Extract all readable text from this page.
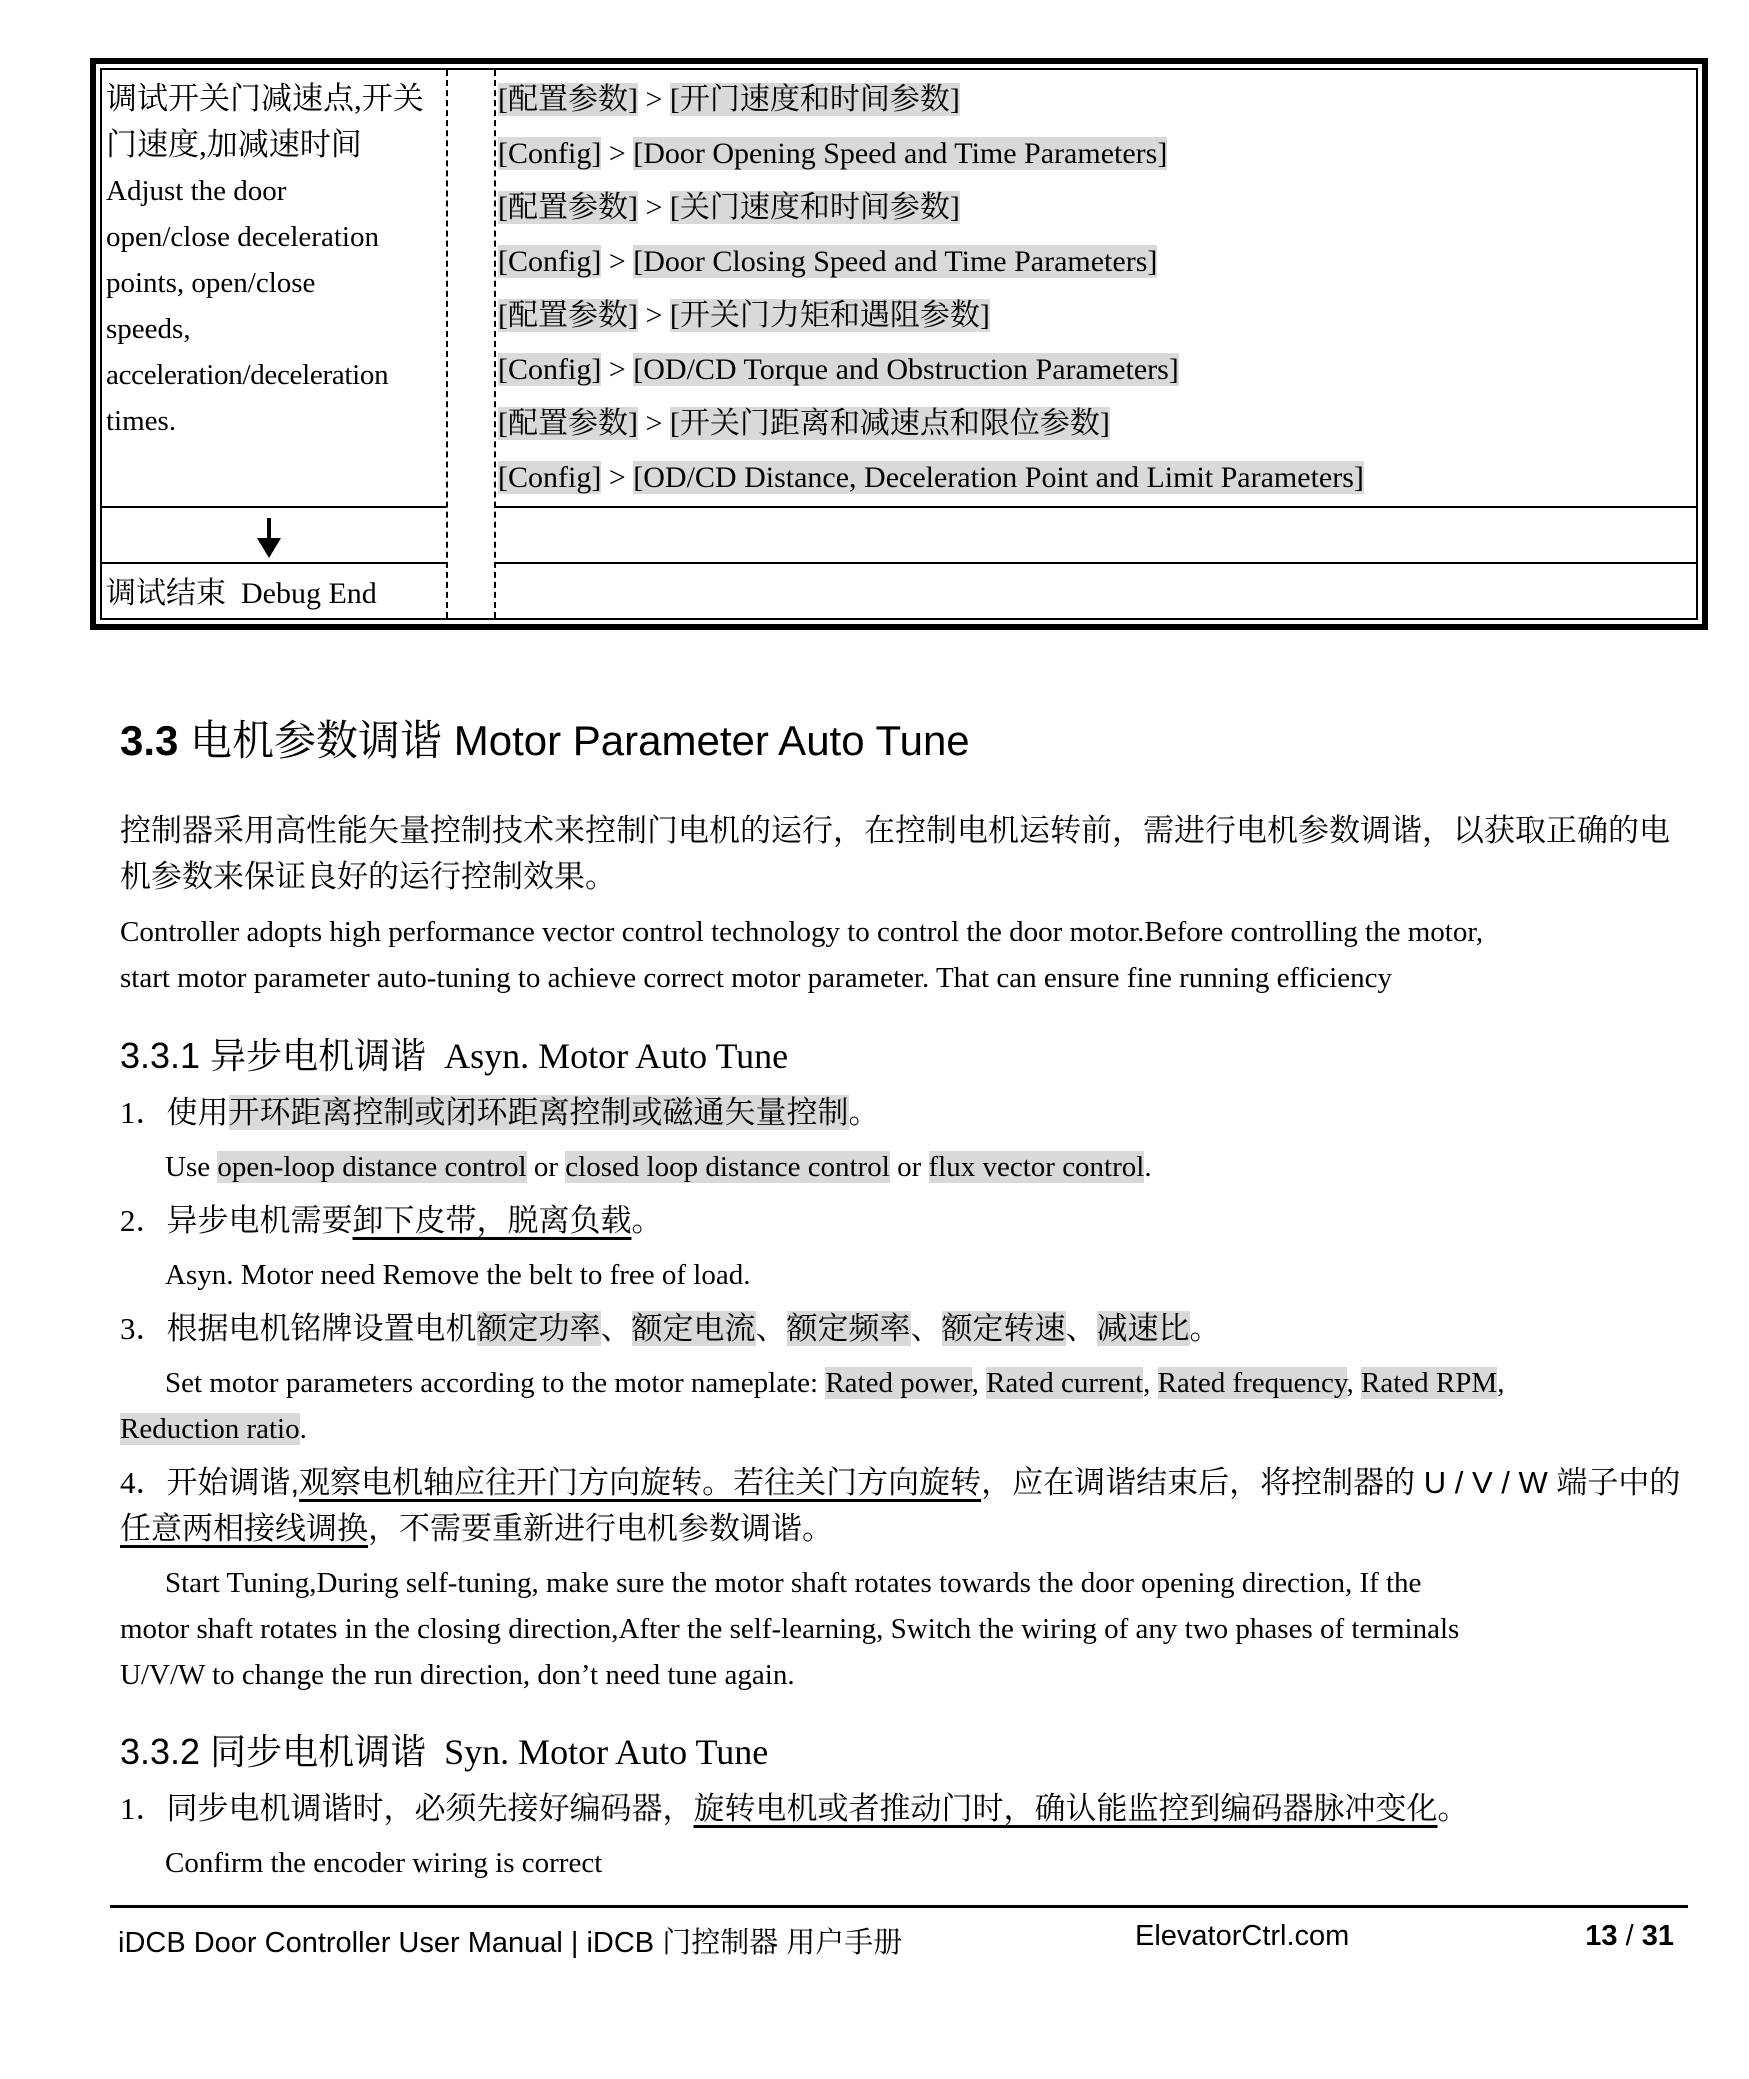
调试开关门减速点,开关
门速度,加减速时间
Adjust the door
open/close deceleration
points, open/close
speeds,
acceleration/deceleration
times.
[配置参数] > [开门速度和时间参数]
[Config] > [Door Opening Speed and Time Parameters]
[配置参数] > [关门速度和时间参数]
[Config] > [Door Closing Speed and Time Parameters]
[配置参数] > [开关门力矩和遇阻参数]
[Config] > [OD/CD Torque and Obstruction Parameters]
[配置参数] > [开关门距离和减速点和限位参数]
[Config] > [OD/CD Distance, Deceleration Point and Limit Parameters]
调试结束  Debug End
3.3 电机参数调谐 Motor Parameter Auto Tune
控制器采用高性能矢量控制技术来控制门电机的运行，在控制电机运转前，需进行电机参数调谐，以获取正确的电
机参数来保证良好的运行控制效果。
Controller adopts high performance vector control technology to control the door motor.Before controlling the motor,
start motor parameter auto-tuning to achieve correct motor parameter. That can ensure fine running efficiency
3.3.1 异步电机调谐 Asyn. Motor Auto Tune
1．使用开环距离控制或闭环距离控制或磁通矢量控制。
Use open-loop distance control or closed loop distance control or flux vector control.
2．异步电机需要卸下皮带，脱离负载。
Asyn. Motor need Remove the belt to free of load.
3．根据电机铭牌设置电机额定功率、额定电流、额定频率、额定转速、减速比。
Set motor parameters according to the motor nameplate: Rated power, Rated current, Rated frequency, Rated RPM,
Reduction ratio.
4．开始调谐,观察电机轴应往开门方向旋转。若往关门方向旋转，应在调谐结束后，将控制器的 U / V / W 端子中的
任意两相接线调换，不需要重新进行电机参数调谐。
Start Tuning,During self-tuning, make sure the motor shaft rotates towards the door opening direction, If the
motor shaft rotates in the closing direction,After the self-learning, Switch the wiring of any two phases of terminals
U/V/W to change the run direction, don’t need tune again.
3.3.2 同步电机调谐 Syn. Motor Auto Tune
1．同步电机调谐时，必须先接好编码器，旋转电机或者推动门时，确认能监控到编码器脉冲变化。
Confirm the encoder wiring is correct
iDCB Door Controller User Manual | iDCB 门控制器 用户手册	ElevatorCtrl.com	13 / 31
